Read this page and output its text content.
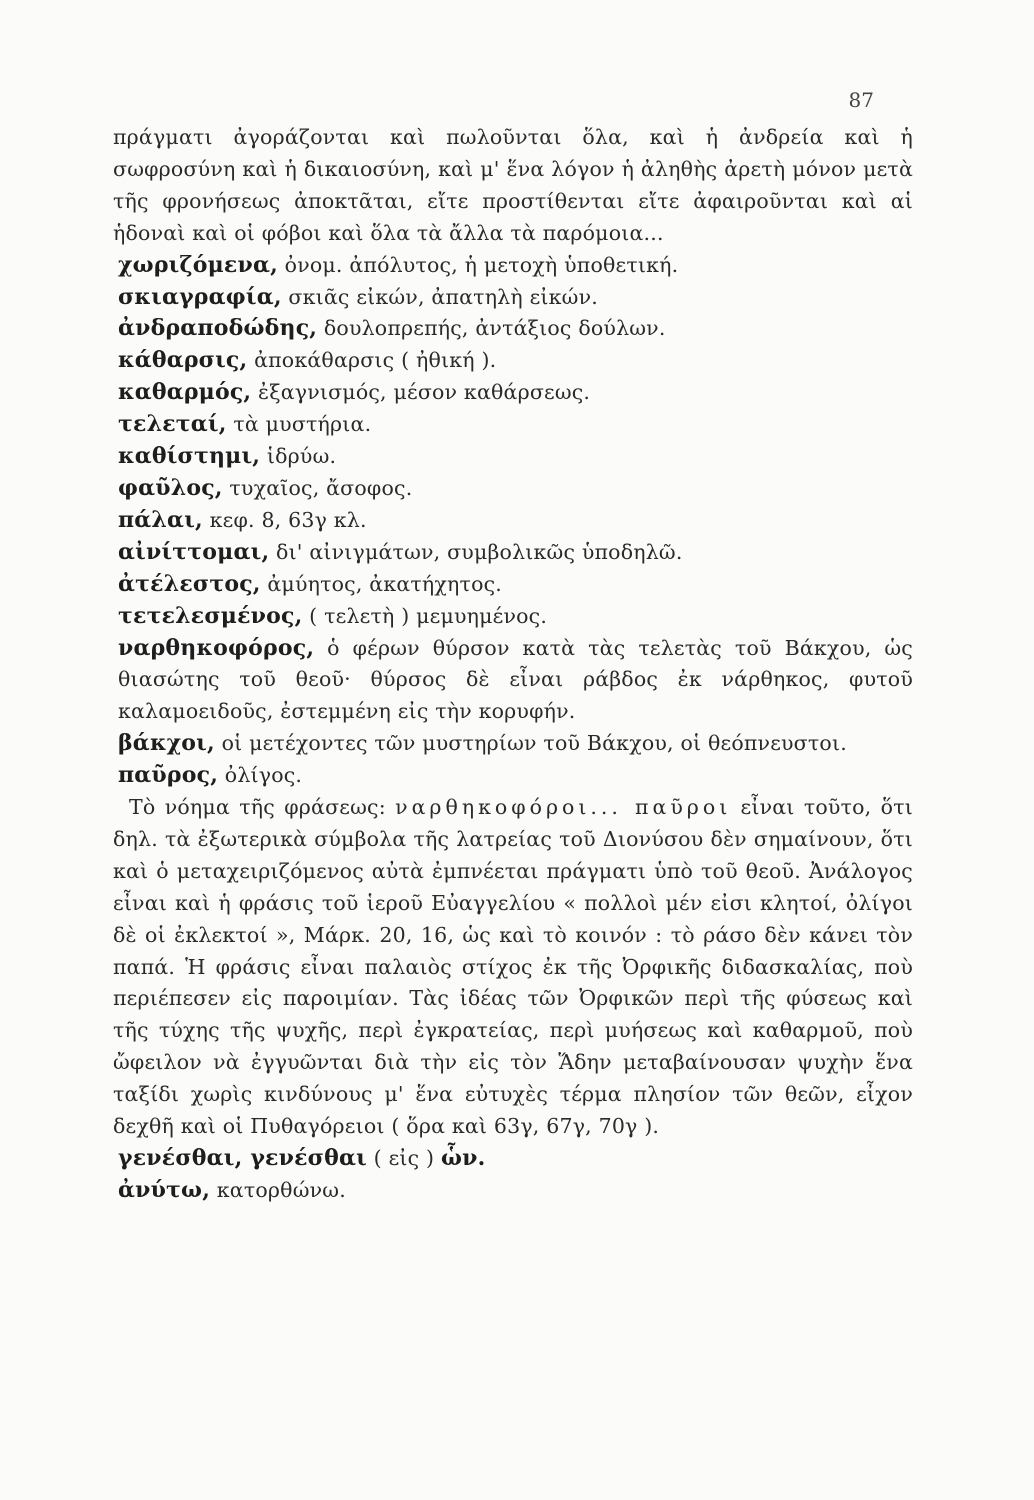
87

πράγματι ἀγοράζονται καὶ πωλοῦνται ὅλα, καὶ ἡ ἀνδρεία καὶ ἡ σωφροσύνη καὶ ἡ δικαιοσύνη, καὶ μ' ἕνα λόγον ἡ ἀληθὴς ἀρετὴ μόνον μετὰ τῆς φρονήσεως ἀποκτᾶται, εἴτε προστίθενται εἴτε ἀφαιροῦνται καὶ αἱ ἡδοναὶ καὶ οἱ φόβοι καὶ ὅλα τὰ ἄλλα τὰ παρόμοια...

χωριζόμενα, ὀνομ. ἀπόλυτος, ἡ μετοχὴ ὑποθετική.

σκιαγραφία, σκιᾶς εἰκών, ἀπατηλὴ εἰκών.

ἀνδραποδώδης, δουλοπρεπής, ἀντάξιος δούλων.

κάθαρσις, ἀποκάθαρσις ( ἠθική ).

καθαρμός, ἐξαγνισμός, μέσον καθάρσεως.

τελεταί, τὰ μυστήρια.

καθίστημι, ἱδρύω.

φαῦλος, τυχαῖος, ἄσοφος.

πάλαι, κεφ. 8, 63γ κλ.

αἰνίττομαι, δι' αἰνιγμάτων, συμβολικῶς ὑποδηλῶ.

ἀτέλεστος, ἀμύητος, ἀκατήχητος.

τετελεσμένος, ( τελετὴ ) μεμυημένος.

ναρθηκοφόρος, ὁ φέρων θύρσον κατὰ τὰς τελετὰς τοῦ Βάκχου, ὡς θιασώτης τοῦ θεοῦ· θύρσος δὲ εἶναι ράβδος ἐκ νάρθηκος, φυτοῦ καλαμοειδοῦς, ἐστεμμένη εἰς τὴν κορυφήν.

βάκχοι, οἱ μετέχοντες τῶν μυστηρίων τοῦ Βάκχου, οἱ θεόπνευστοι.

παῦρος, ὀλίγος.

Τὸ νόημα τῆς φράσεως: ναρθηκοφόροι... παῦροι εἶναι τοῦτο, ὅτι δηλ. τὰ ἐξωτερικὰ σύμβολα τῆς λατρείας τοῦ Διονύσου δὲν σημαίνουν, ὅτι καὶ ὁ μεταχειριζόμενος αὐτὰ ἐμπνέεται πράγματι ὑπὸ τοῦ θεοῦ. Ἀνάλογος εἶναι καὶ ἡ φράσις τοῦ ἱεροῦ Εὐαγγελίου « πολλοὶ μέν εἰσι κλητοί, ὀλίγοι δὲ οἱ ἐκλεκτοί », Μάρκ. 20, 16, ὡς καὶ τὸ κοινόν : τὸ ράσο δὲν κάνει τὸν παπά. Ἡ φράσις εἶναι παλαιὸς στίχος ἐκ τῆς Ὀρφικῆς διδασκαλίας, ποὺ περιέπεσεν εἰς παροιμίαν. Τὰς ἰδέας τῶν Ὀρφικῶν περὶ τῆς φύσεως καὶ τῆς τύχης τῆς ψυχῆς, περὶ ἐγκρατείας, περὶ μυήσεως καὶ καθαρμοῦ, ποὺ ὤφειλον νὰ ἐγγυῶνται διὰ τὴν εἰς τὸν Ἅδην μεταβαίνουσαν ψυχὴν ἕνα ταξίδι χωρὶς κινδύνους μ' ἕνα εὐτυχὲς τέρμα πλησίον τῶν θεῶν, εἶχον δεχθῆ καὶ οἱ Πυθαγόρειοι ( ὅρα καὶ 63γ, 67γ, 70γ ).

γενέσθαι, γενέσθαι ( εἰς ) ὧν.

ἀνύτω, κατορθώνω.
